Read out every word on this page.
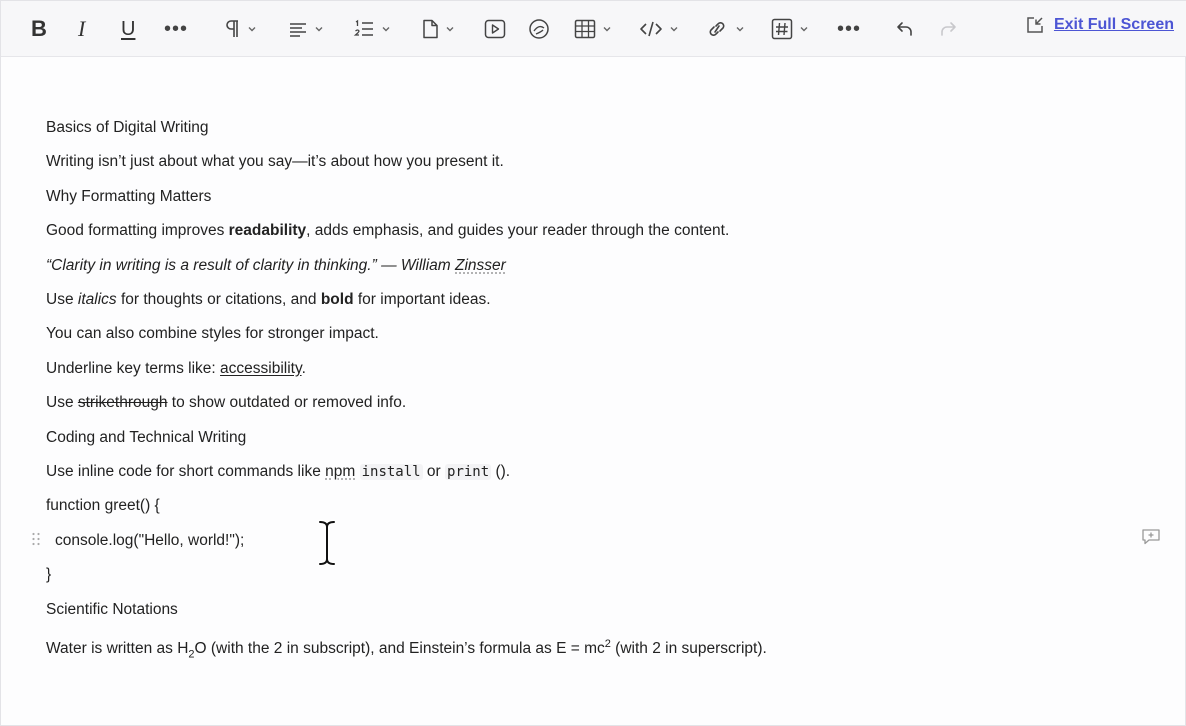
B I U •••	•••	Exit Full Screen

Basics of Digital Writing

Writing isn’t just about what you say—it’s about how you present it.

Why Formatting Matters

Good formatting improves readability, adds emphasis, and guides your reader through the content.

“Clarity in writing is a result of clarity in thinking.” — William Zinsser

Use italics for thoughts or citations, and bold for important ideas.

You can also combine styles for stronger impact.

Underline key terms like: accessibility.

Use strikethrough to show outdated or removed info.

Coding and Technical Writing

Use inline code for short commands like npm install or print ().

function greet() {

console.log("Hello, world!");

}

Scientific Notations

Water is written as $H_2O$ (with the 2 in subscript), and Einstein’s formula as $E = mc^2$ (with 2 in superscript).
